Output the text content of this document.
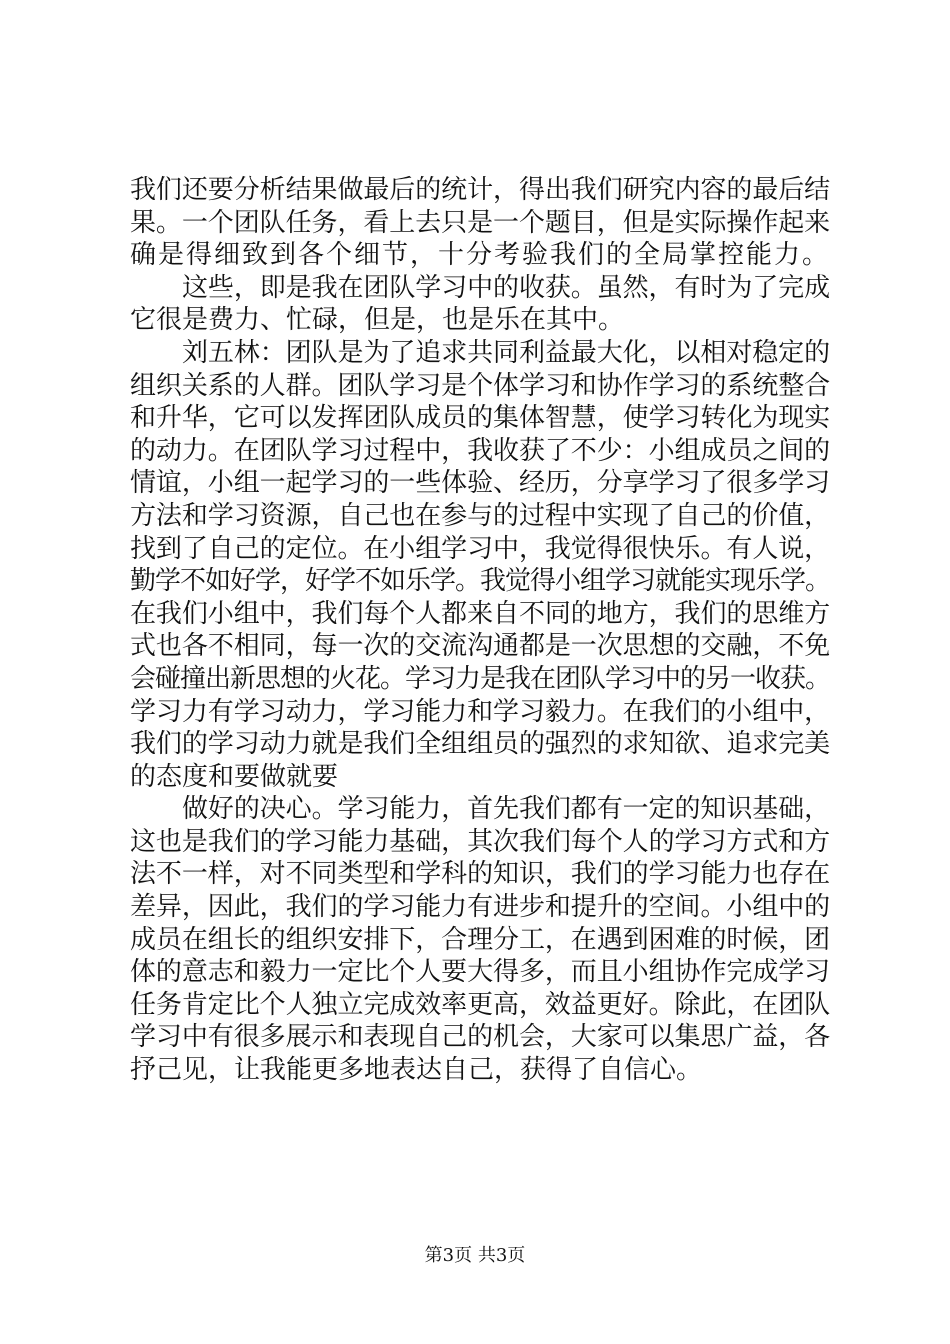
我们还要分析结果做最后的统计，得出我们研究内容的最后结
果。一个团队任务，看上去只是一个题目，但是实际操作起来
确是得细致到各个细节，十分考验我们的全局掌控能力。
这些，即是我在团队学习中的收获。虽然，有时为了完成
它很是费力、忙碌，但是，也是乐在其中。
刘五林：团队是为了追求共同利益最大化，以相对稳定的
组织关系的人群。团队学习是个体学习和协作学习的系统整合
和升华，它可以发挥团队成员的集体智慧，使学习转化为现实
的动力。在团队学习过程中，我收获了不少：小组成员之间的
情谊，小组一起学习的一些体验、经历，分享学习了很多学习
方法和学习资源，自己也在参与的过程中实现了自己的价值，
找到了自己的定位。在小组学习中，我觉得很快乐。有人说，
勤学不如好学，好学不如乐学。我觉得小组学习就能实现乐学。
在我们小组中，我们每个人都来自不同的地方，我们的思维方
式也各不相同，每一次的交流沟通都是一次思想的交融，不免
会碰撞出新思想的火花。学习力是我在团队学习中的另一收获。
学习力有学习动力，学习能力和学习毅力。在我们的小组中，
我们的学习动力就是我们全组组员的强烈的求知欲、追求完美
的态度和要做就要
做好的决心。学习能力，首先我们都有一定的知识基础，
这也是我们的学习能力基础，其次我们每个人的学习方式和方
法不一样，对不同类型和学科的知识，我们的学习能力也存在
差异，因此，我们的学习能力有进步和提升的空间。小组中的
成员在组长的组织安排下，合理分工，在遇到困难的时候，团
体的意志和毅力一定比个人要大得多，而且小组协作完成学习
任务肯定比个人独立完成效率更高，效益更好。除此，在团队
学习中有很多展示和表现自己的机会，大家可以集思广益，各
抒己见，让我能更多地表达自己，获得了自信心。
第3页 共3页
